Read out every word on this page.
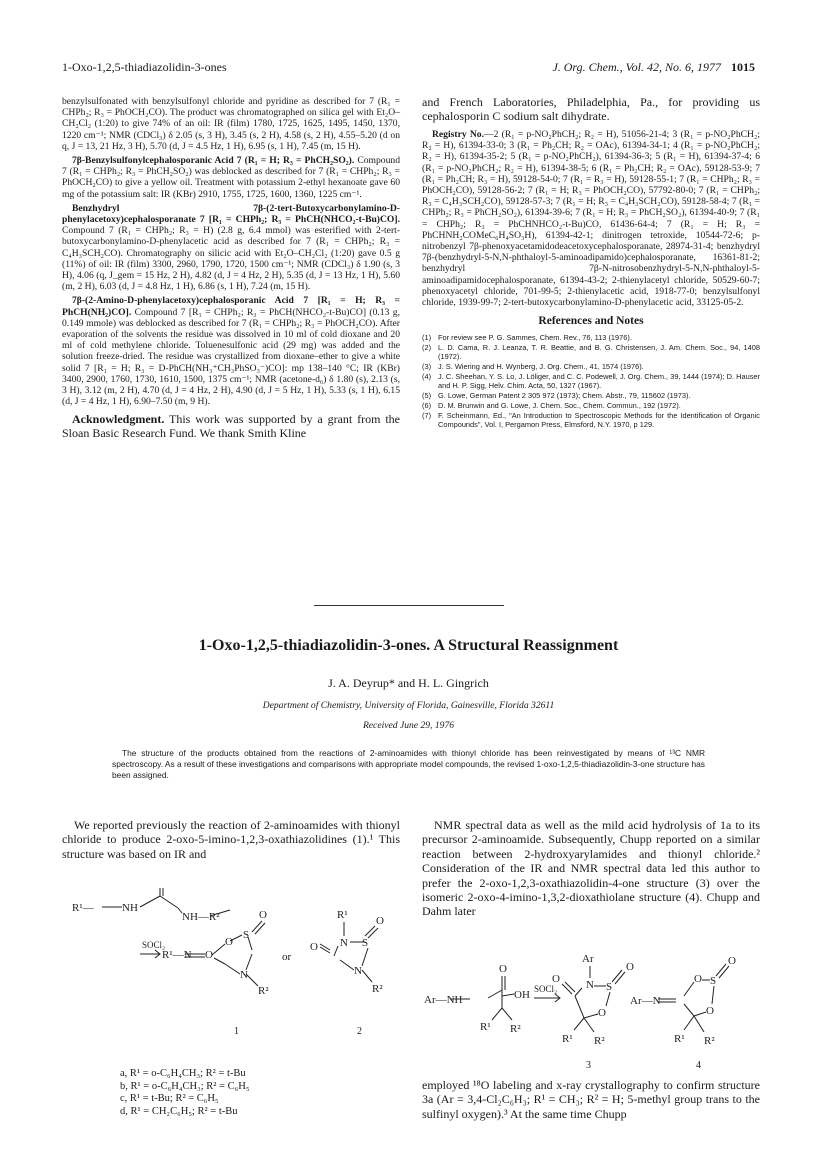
1-Oxo-1,2,5-thiadiazolidin-3-ones	J. Org. Chem., Vol. 42, No. 6, 1977 1015

benzylsulfonated with benzylsulfonyl chloride and pyridine as described for 7 (R₁ = CHPh₂; R₃ = PhOCH₂CO). The product was chromatographed on silica gel with Et₂O–CH₂Cl₂ (1:20) to give 74% of an oil: IR (film) 1780, 1725, 1625, 1495, 1450, 1370, 1220 cm⁻¹; NMR (CDCl₃) δ 2.05 (s, 3 H), 3.45 (s, 2 H), 4.58 (s, 2 H), 4.55–5.20 (d on q, J = 13, 21 Hz, 3 H), 5.70 (d, J = 4.5 Hz, 1 H), 6.95 (s, 1 H), 7.45 (m, 15 H).

7β-Benzylsulfonylcephalosporanic Acid 7 (R₁ = H; R₃ = PhCH₂SO₂). Compound 7 (R₁ = CHPh₂; R₃ = PhCH₂SO₂) was deblocked as described for 7 (R₁ = CHPh₂; R₃ = PhOCH₂CO) to give a yellow oil. Treatment with potassium 2-ethyl hexanoate gave 60 mg of the potassium salt: IR (KBr) 2910, 1755, 1725, 1600, 1360, 1225 cm⁻¹.

Benzhydryl 7β-(2-tert-Butoxycarbonylamino-D-phenylacetoxy)cephalosporanate 7 [R₁ = CHPh₂; R₃ = PhCH(NHCO₂-t-Bu)CO]. Compound 7 (R₁ = CHPh₂; R₃ = H) (2.8 g, 6.4 mmol) was esterified with 2-tert-butoxycarbonylamino-D-phenylacetic acid as described for 7 (R₁ = CHPh₂; R₃ = C₄H₃SCH₂CO). Chromatography on silicic acid with Et₂O–CH₂Cl₂ (1:20) gave 0.5 g (11%) of oil: IR (film) 3300, 2960, 1790, 1720, 1500 cm⁻¹; NMR (CDCl₃) δ 1.90 (s, 3 H), 4.06 (q, J_gem = 15 Hz, 2 H), 4.82 (d, J = 4 Hz, 2 H), 5.35 (d, J = 13 Hz, 1 H), 5.60 (m, 2 H), 6.03 (d, J = 4.8 Hz, 1 H), 6.86 (s, 1 H), 7.24 (m, 15 H).

7β-(2-Amino-D-phenylacetoxy)cephalosporanic Acid 7 [R₁ = H; R₃ = PhCH(NH₂)CO]. Compound 7 [R₁ = CHPh₂; R₃ = PhCH(NHCO₂-t-Bu)CO] (0.13 g, 0.149 mmole) was deblocked as described for 7 (R₁ = CHPh₂; R₃ = PhOCH₂CO). After evaporation of the solvents the residue was dissolved in 10 ml of cold dioxane and 20 ml of cold methylene chloride. Toluenesulfonic acid (29 mg) was added and the solution freeze-dried. The residue was crystallized from dioxane–ether to give a white solid 7 [R₁ = H; R₃ = D-PhCH(NH₃⁺CH₃PhSO₃⁻)CO]: mp 138–140 °C; IR (KBr) 3400, 2900, 1760, 1730, 1610, 1500, 1375 cm⁻¹; NMR (acetone-d₆) δ 1.80 (s), 2.13 (s, 3 H), 3.12 (m, 2 H), 4.70 (d, J = 4 Hz, 2 H), 4.90 (d, J = 5 Hz, 1 H), 5.33 (s, 1 H), 6.15 (d, J = 4 Hz, 1 H), 6.90–7.50 (m, 9 H).

Acknowledgment. This work was supported by a grant from the Sloan Basic Research Fund. We thank Smith Kline
and French Laboratories, Philadelphia, Pa., for providing us cephalosporin C sodium salt dihydrate.

Registry No.—2 (R₁ = p-NO₂PhCH₂; R₂ = H), 51056-21-4; 3 (R₁ = p-NO₂PhCH₂; R₂ = H), 61394-33-0; 3 (R₁ = Ph₂CH; R₂ = OAc), 61394-34-1; 4 (R₁ = p-NO₂PhCH₂; R₂ = H), 61394-35-2; 5 (R₁ = p-NO₂PhCH₂), 61394-36-3; 5 (R₁ = H), 61394-37-4; 6 (R₁ = p-NO₂PhCH₂; R₂ = H), 61394-38-5; 6 (R₁ = Ph₂CH; R₂ = OAc), 59128-53-9; 7 (R₁ = Ph₂CH; R₃ = H), 59128-54-0; 7 (R₁ = R₃ = H), 59128-55-1; 7 (R₁ = CHPh₂; R₃ = PhOCH₂CO), 59128-56-2; 7 (R₁ = H; R₃ = PhOCH₂CO), 57792-80-0; 7 (R₁ = CHPh₂; R₃ = C₄H₃SCH₂CO), 59128-57-3; 7 (R₁ = H; R₃ = C₄H₃SCH₂CO), 59128-58-4; 7 (R₁ = CHPh₂; R₃ = PhCH₂SO₂), 61394-39-6; 7 (R₁ = H; R₃ = PhCH₂SO₂), 61394-40-9; 7 (R₁ = CHPh₂; R₃ = PhCHNHCO₂-t-Bu)CO, 61436-64-4; 7 (R₁ = H; R₃ = PhCHNH₂COMeC₆H₄SO₃H), 61394-42-1; dinitrogen tetroxide, 10544-72-6; p-nitrobenzyl 7β-phenoxyacetamidodeacetoxycephalosporanate, 28974-31-4; benzhydryl 7β-(benzhydryl-5-N,N-phthaloyl-5-aminoadipamido)cephalosporanate, 16361-81-2; benzhydryl 7β-N-nitrosobenzhydryl-5-N,N-phthaloyl-5-aminoadipamidocephalosporanate, 61394-43-2; 2-thienylacetyl chloride, 50529-60-7; phenoxyacetyl chloride, 701-99-5; 2-thienylacetic acid, 1918-77-0; benzylsulfonyl chloride, 1939-99-7; 2-tert-butoxycarbonylamino-D-phenylacetic acid, 33125-05-2.

References and Notes
(1) For review see P. G. Sammes, Chem. Rev., 76, 113 (1976).
(2) L. D. Cama, R. J. Leanza, T. R. Beattie, and B. G. Christensen, J. Am. Chem. Soc., 94, 1408 (1972).
(3) J. S. Wiering and H. Wynberg, J. Org. Chem., 41, 1574 (1976).
(4) J. C. Sheehan, Y. S. Lo, J. Löliger, and C. C. Podewell, J. Org. Chem., 39, 1444 (1974); D. Hauser and H. P. Sigg, Helv. Chim. Acta, 50, 1327 (1967).
(5) G. Lowe, German Patent 2 305 972 (1973); Chem. Abstr., 79, 115602 (1973).
(6) D. M. Brunwin and G. Lowe, J. Chem. Soc., Chem. Commun., 192 (1972).
(7) F. Scheinmann, Ed., "An Introduction to Spectroscopic Methods for the Identification of Organic Compounds", Vol. I, Pergamon Press, Elmsford, N.Y. 1970, p 129.
1-Oxo-1,2,5-thiadiazolidin-3-ones. A Structural Reassignment
J. A. Deyrup* and H. L. Gingrich
Department of Chemistry, University of Florida, Gainesville, Florida 32611
Received June 29, 1976
The structure of the products obtained from the reactions of 2-aminoamides with thionyl chloride has been reinvestigated by means of ¹³C NMR spectroscopy. As a result of these investigations and comparisons with appropriate model compounds, the revised 1-oxo-1,2,5-thiadiazolidin-3-one structure has been assigned.
We reported previously the reaction of 2-aminoamides with thionyl chloride to produce 2-oxo-5-imino-1,2,3-oxathiazolidines (1).¹ This structure was based on IR and
NMR spectral data as well as the mild acid hydrolysis of 1a to its precursor 2-aminoamide. Subsequently, Chupp reported on a similar reaction between 2-hydroxyarylamides and thionyl chloride.² Consideration of the IR and NMR spectral data led this author to prefer the 2-oxo-1,2,3-oxathiazolidin-4-one structure (3) over the isomeric 2-oxo-4-imino-1,3,2-dioxathiolane structure (4). Chupp and Dahm later
employed ¹⁸O labeling and x-ray crystallography to confirm structure 3a (Ar = 3,4-Cl₂C₆H₃; R¹ = CH₃; R² = H; 5-methyl group trans to the sulfinyl oxygen).³ At the same time Chupp
R¹—	NH
NH—R²
SOCl₂
R¹—N O
O
S
O
N
R²
or
R¹
N S
O
O
N
R²
1	2
a, R¹ = o-C₆H₄CH₃; R² = t-Bu
b, R¹ = o-C₆H₄CH₃; R² = C₆H₅
c, R¹ = t-Bu; R² = C₆H₅
d, R¹ = CH₂C₆H₅; R² = t-Bu
Ar—NH
O
OH
R¹ R²
SOCl₂
Ar
N S
O
O
O
R¹ R²
Ar—N
O S
O
O
R¹ R²
3	4
